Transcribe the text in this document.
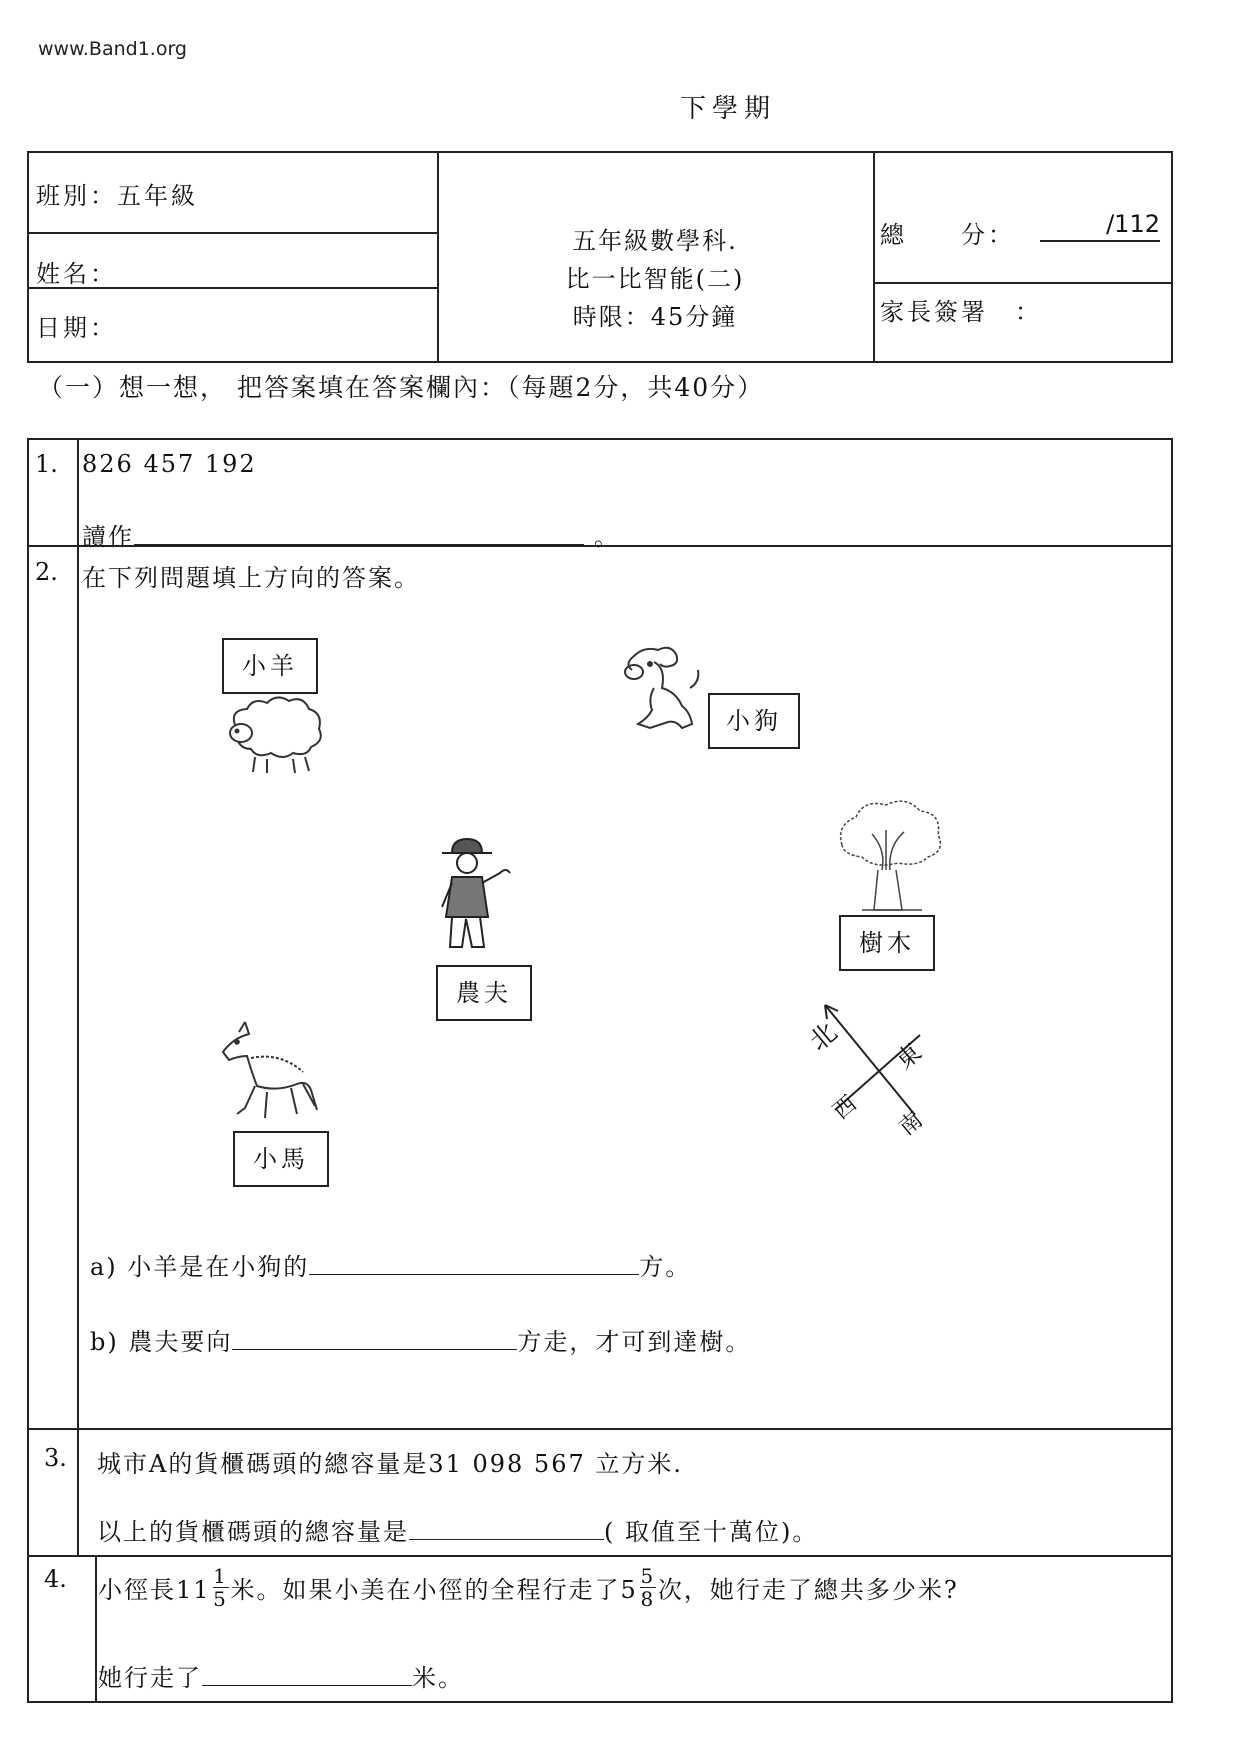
www.Band1.org
下學期
班別：五年級
姓名：
日期：
五年級數學科.
比一比智能(二)
時限：45分鐘
總　　分：	/112
家長簽署　：
（一）想一想， 把答案填在答案欄內：（每題2分，共40分）
1. 826 457 192
讀作	。
2. 在下列問題填上方向的答案。
小羊
小狗
樹木
農夫
小馬
北 東
西 南
a) 小羊是在小狗的	方。
b) 農夫要向	方走，才可到達樹。
3. 城市A的貨櫃碼頭的總容量是31 098 567 立方米.
以上的貨櫃碼頭的總容量是	( 取值至十萬位)。
4. 小徑長$11 \frac{1}{5}$ 米。如果小美在小徑的全程行走了$5 \frac{5}{8}$ 次，她行走了總共多少米?
她行走了	米。
